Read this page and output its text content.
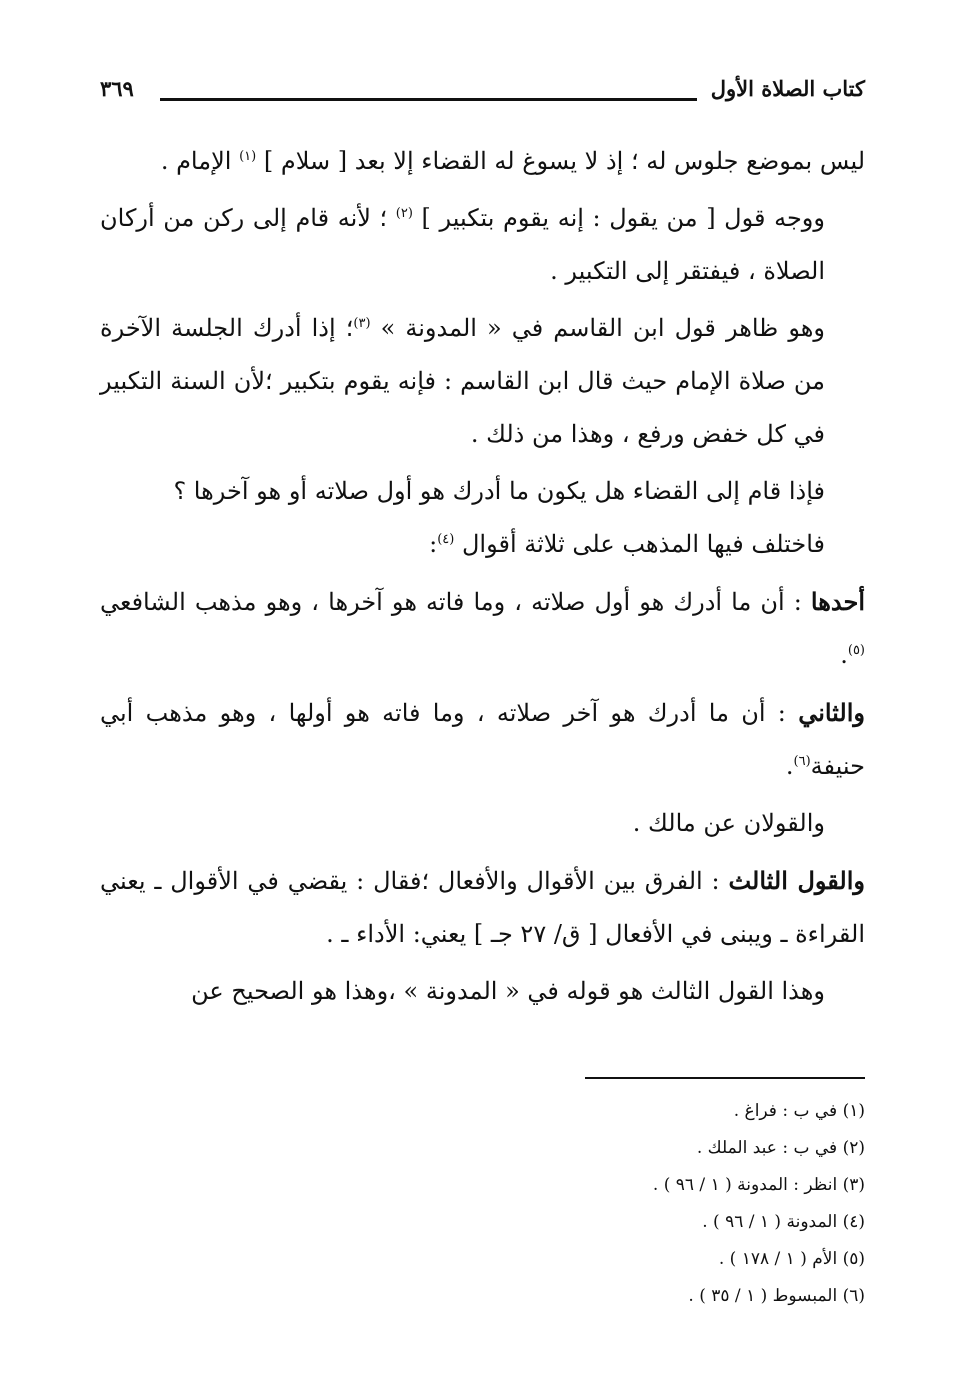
كتاب الصلاة الأول
٣٦٩

ليس بموضع جلوس له ؛ إذ لا يسوغ له القضاء إلا بعد [ سلام ] $^{(١)}$ الإمام .

ووجه قول [ من يقول : إنه يقوم بتكبير ] $^{(٢)}$ ؛ لأنه قام إلى ركن من أركان الصلاة ، فيفتقر إلى التكبير .

وهو ظاهر قول ابن القاسم في « المدونة » $^{(٣)}$؛ إذا أدرك الجلسة الآخرة من صلاة الإمام حيث قال ابن القاسم : فإنه يقوم بتكبير ؛لأن السنة التكبير في كل خفض ورفع ، وهذا من ذلك .

فإذا قام إلى القضاء هل يكون ما أدرك هو أول صلاته أو هو آخرها ؟

فاختلف فيها المذهب على ثلاثة أقوال $^{(٤)}$:

أحدها : أن ما أدرك هو أول صلاته ، وما فاته هو آخرها ، وهو مذهب الشافعي $^{(٥)}$.

والثاني : أن ما أدرك هو آخر صلاته ، وما فاته هو أولها ، وهو مذهب أبي حنيفة$^{(٦)}$.

والقولان عن مالك .

والقول الثالث : الفرق بين الأقوال والأفعال ؛فقال : يقضي في الأقوال ـ يعني القراءة ـ ويبنى في الأفعال [ ق/ ٢٧ جـ ] يعني: الأداء ـ .

وهذا القول الثالث هو قوله في « المدونة » ،وهذا هو الصحيح عن

(١) في ب : فراغ .
(٢) في ب : عبد الملك .
(٣) انظر : المدونة ( ١ / ٩٦ ) .
(٤) المدونة ( ١ / ٩٦ ) .
(٥) الأم ( ١ / ١٧٨ ) .
(٦) المبسوط ( ١ / ٣٥ ) .
